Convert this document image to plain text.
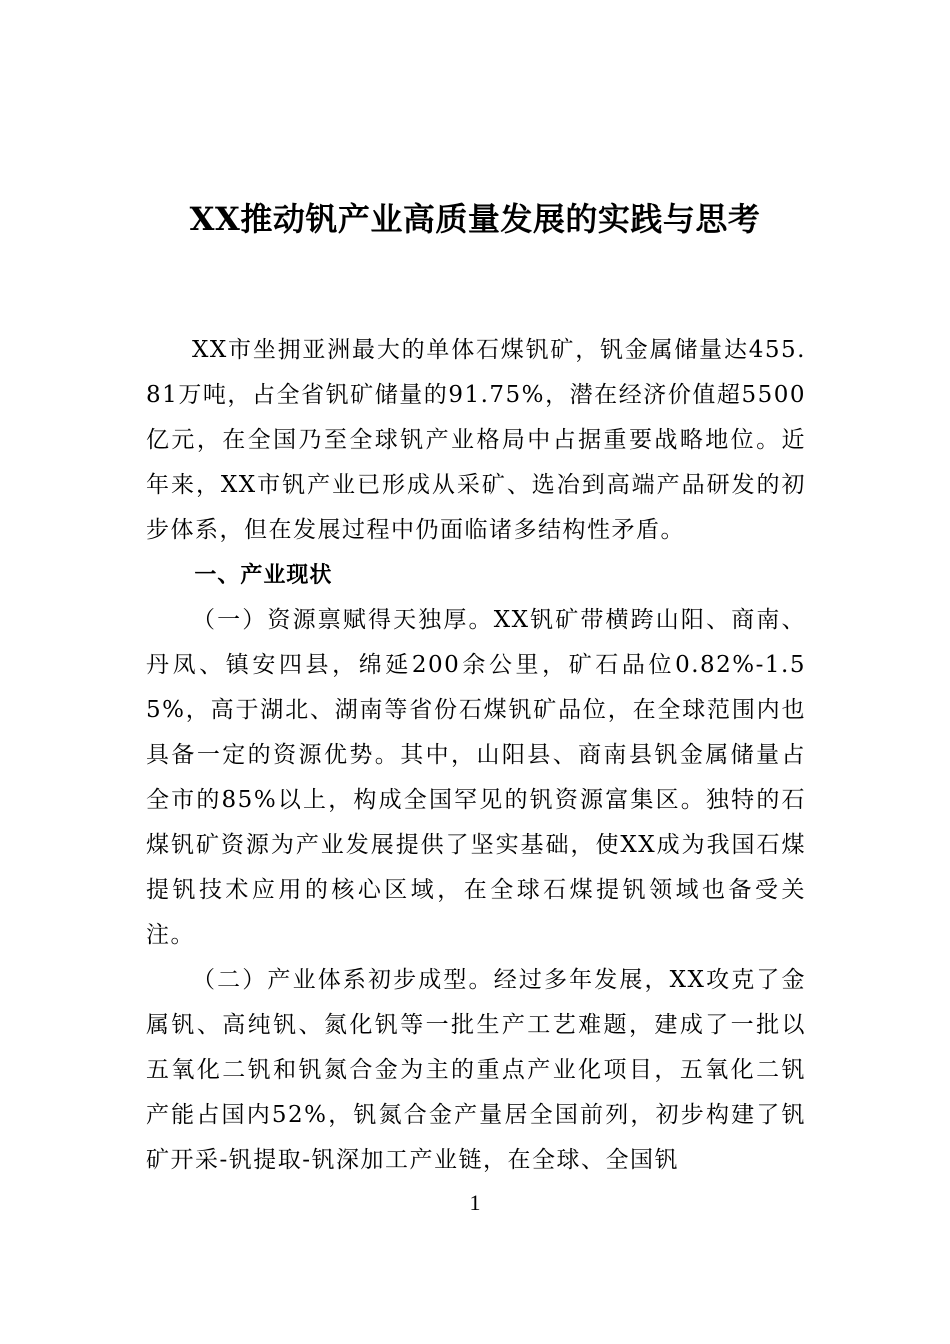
XX推动钒产业高质量发展的实践与思考

XX市坐拥亚洲最大的单体石煤钒矿，钒金属储量达455.81万吨，占全省钒矿储量的91.75%，潜在经济价值超5500亿元，在全国乃至全球钒产业格局中占据重要战略地位。近年来，XX市钒产业已形成从采矿、选冶到高端产品研发的初步体系，但在发展过程中仍面临诸多结构性矛盾。

一、产业现状

（一）资源禀赋得天独厚。XX钒矿带横跨山阳、商南、丹凤、镇安四县，绵延200余公里，矿石品位0.82%-1.55%，高于湖北、湖南等省份石煤钒矿品位，在全球范围内也具备一定的资源优势。其中，山阳县、商南县钒金属储量占全市的85%以上，构成全国罕见的钒资源富集区。独特的石煤钒矿资源为产业发展提供了坚实基础，使XX成为我国石煤提钒技术应用的核心区域，在全球石煤提钒领域也备受关注。

（二）产业体系初步成型。经过多年发展，XX攻克了金属钒、高纯钒、氮化钒等一批生产工艺难题，建成了一批以五氧化二钒和钒氮合金为主的重点产业化项目，五氧化二钒产能占国内52%，钒氮合金产量居全国前列，初步构建了钒矿开采-钒提取-钒深加工产业链，在全球、全国钒

1
